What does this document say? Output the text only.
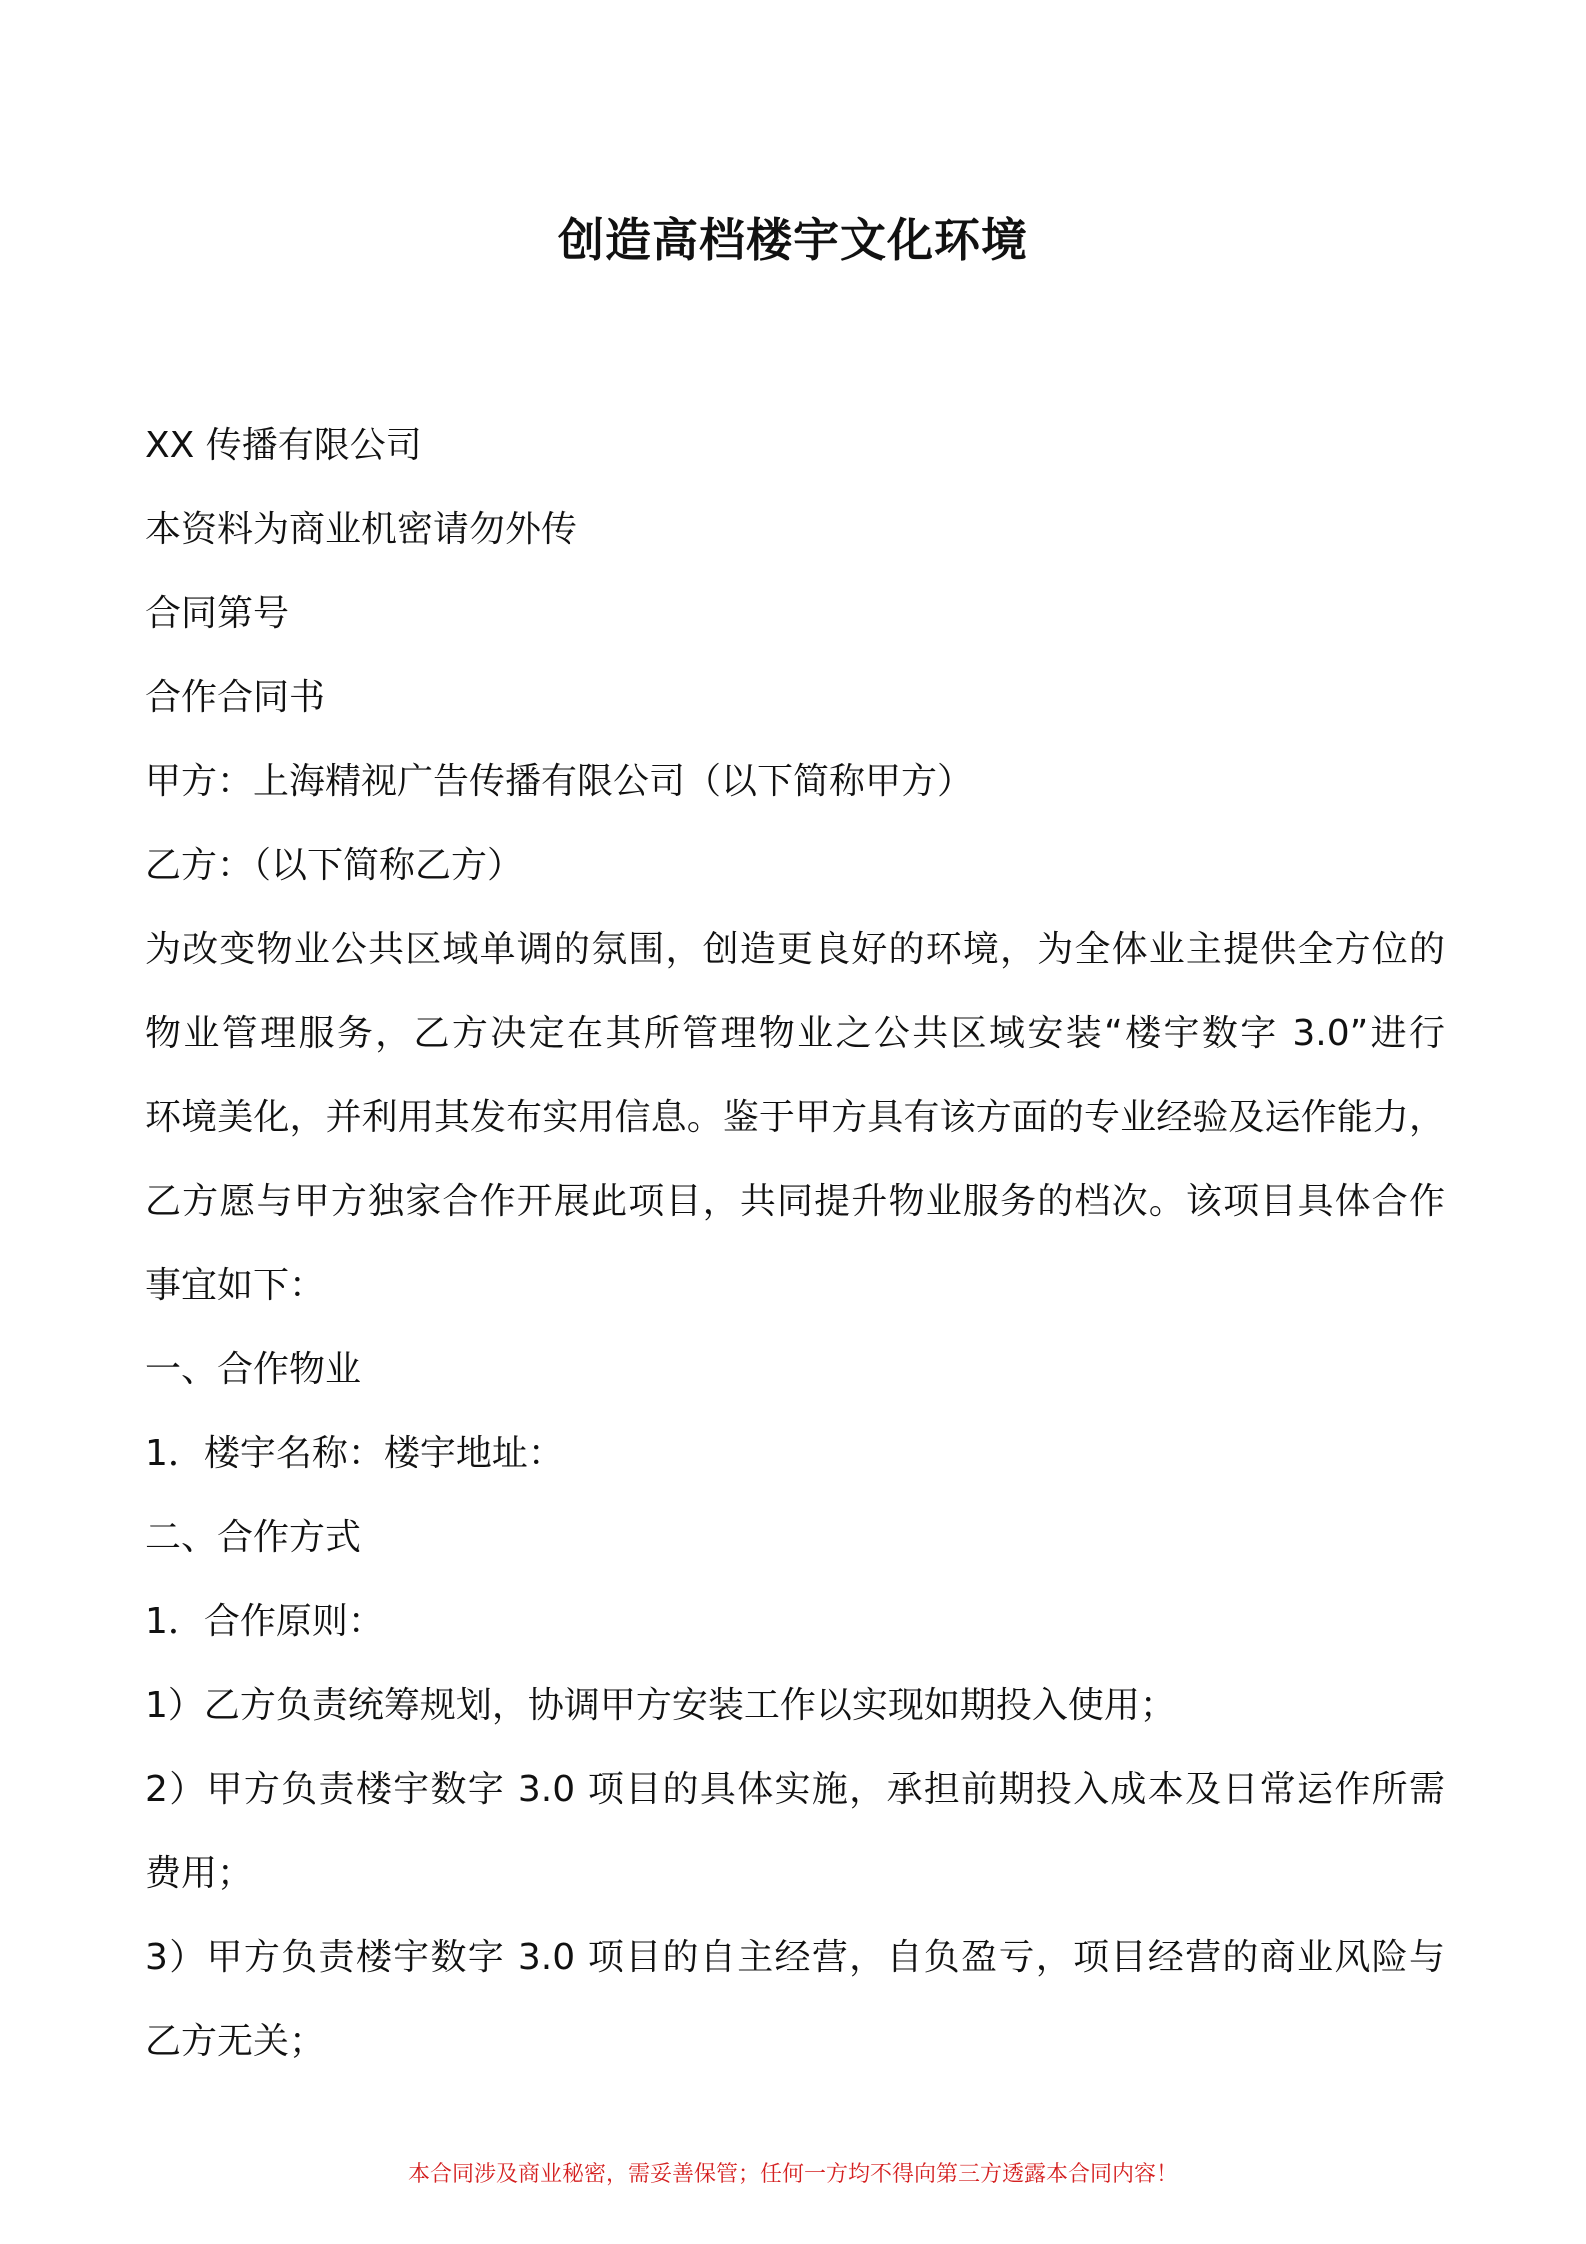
创造高档楼宇文化环境
XX 传播有限公司
本资料为商业机密请勿外传
合同第号
合作合同书
甲方：上海精视广告传播有限公司（以下简称甲方）
乙方：（以下简称乙方）
为改变物业公共区域单调的氛围，创造更良好的环境，为全体业主提供全方位的
物业管理服务，乙方决定在其所管理物业之公共区域安装“楼宇数字 3.0”进行
环境美化，并利用其发布实用信息。鉴于甲方具有该方面的专业经验及运作能力，
乙方愿与甲方独家合作开展此项目，共同提升物业服务的档次。该项目具体合作
事宜如下：
一、合作物业
1．楼宇名称：楼宇地址：
二、合作方式
1．合作原则：
1）乙方负责统筹规划，协调甲方安装工作以实现如期投入使用；
2）甲方负责楼宇数字 3.0 项目的具体实施，承担前期投入成本及日常运作所需
费用；
3）甲方负责楼宇数字 3.0 项目的自主经营，自负盈亏，项目经营的商业风险与
乙方无关；
本合同涉及商业秘密，需妥善保管；任何一方均不得向第三方透露本合同内容！
